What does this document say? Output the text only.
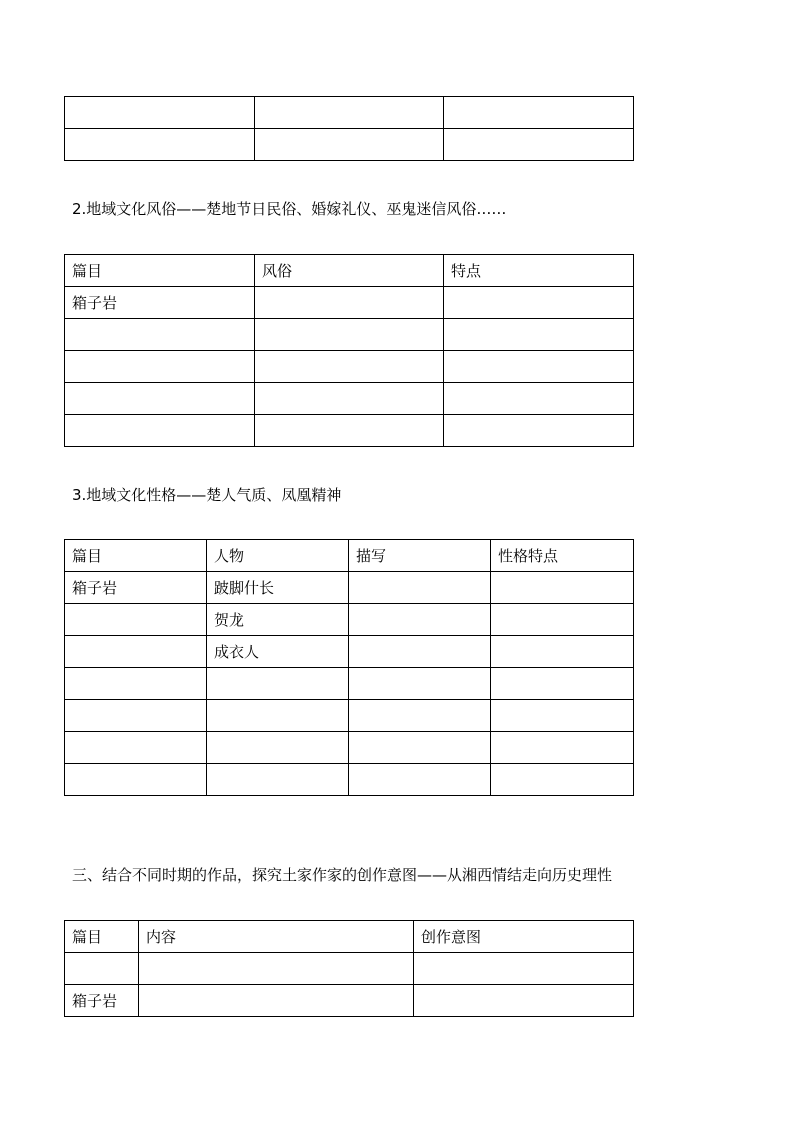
2.地域文化风俗——楚地节日民俗、婚嫁礼仪、巫鬼迷信风俗……

篇目	风俗	特点
箱子岩		

3.地域文化性格——楚人气质、凤凰精神

篇目	人物	描写	性格特点
箱子岩	跛脚什长		
	贺龙		
	成衣人		

三、结合不同时期的作品，探究土家作家的创作意图——从湘西情结走向历史理性

篇目	内容	创作意图

箱子岩		
